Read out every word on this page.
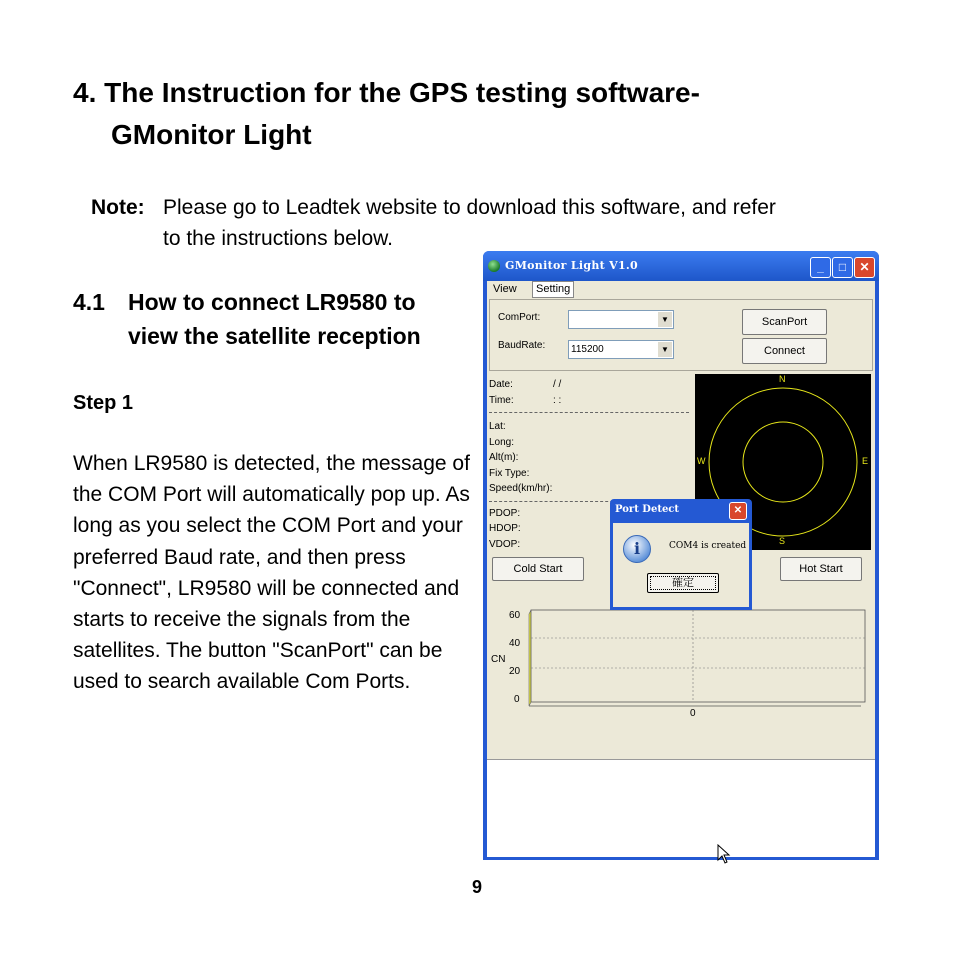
4. The Instruction for the GPS testing software-
GMonitor Light
Note: Please go to Leadtek website to download this software, and refer
to the instructions below.
4.1 How to connect LR9580 to
view the satellite reception
Step 1
When LR9580 is detected, the message of the COM Port will automatically pop up. As long as you select the COM Port and your preferred Baud rate, and then press "Connect", LR9580 will be connected and starts to receive the signals from the satellites. The button "ScanPort" can be used to search available Com Ports.
9
GMonitor Light V1.0	_	□	✕
View	Setting
ComPort:	▼
BaudRate:	115200	▼
ScanPort
Connect
Date:	/ /
Time:	: :
Lat:
Long:
Alt(m):
Fix Type:
Speed(km/hr):
PDOP:
HDOP:
VDOP:
N
S
E
W
Cold Start	Hot Start
CN
60
40
20
0
0
Port Detect	✕
i	COM4 is created
確定
